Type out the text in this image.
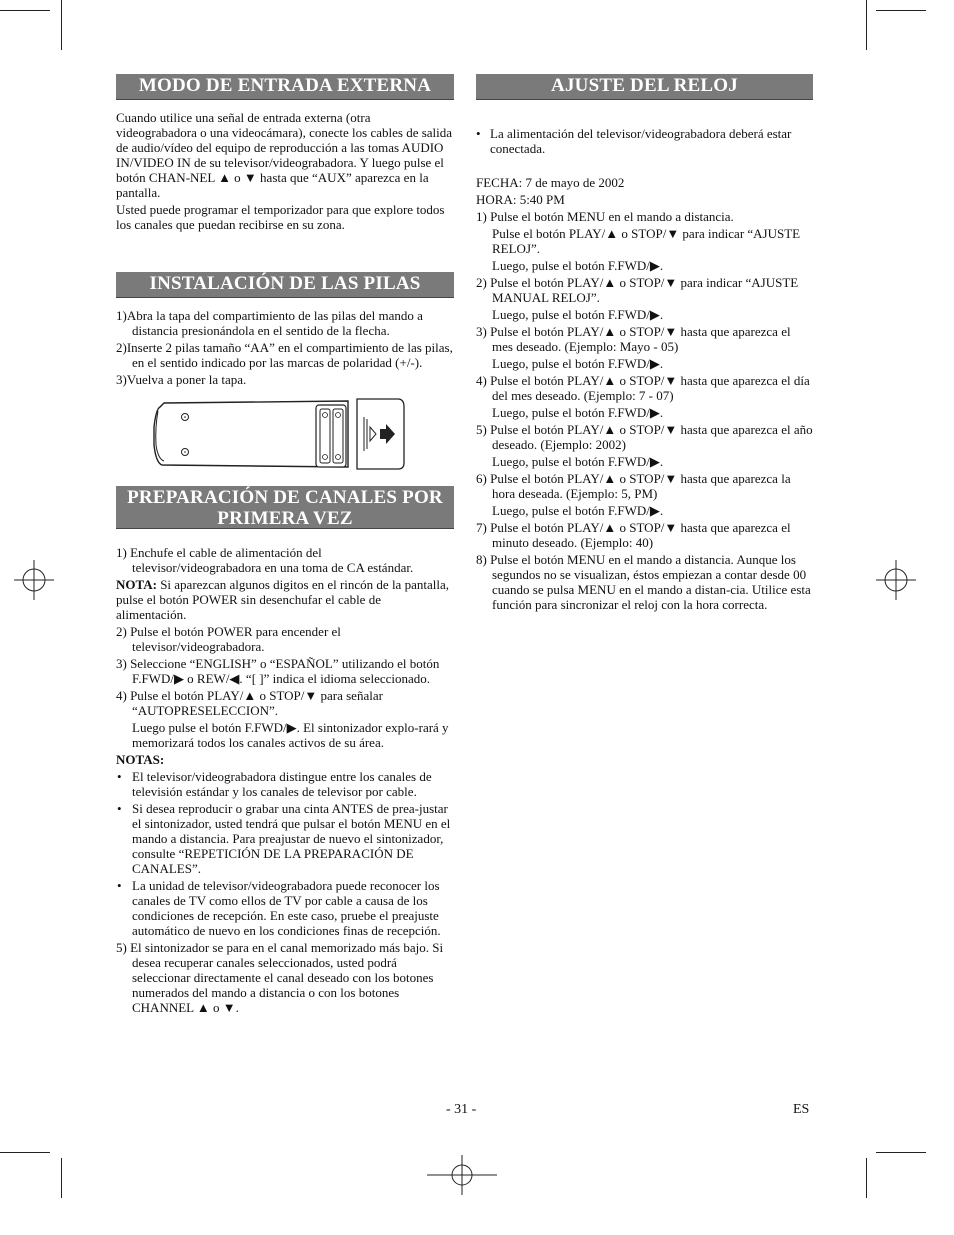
MODO DE ENTRADA EXTERNA

Cuando utilice una señal de entrada externa (otra videograbadora o una videocámara), conecte los cables de salida de audio/vídeo del equipo de reproducción a las tomas AUDIO IN/VIDEO IN de su televisor/videograbadora. Y luego pulse el botón CHAN-NEL ▲ o ▼ hasta que “AUX” aparezca en la pantalla.

Usted puede programar el temporizador para que explore todos los canales que puedan recibirse en su zona.

INSTALACIÓN DE LAS PILAS

1)Abra la tapa del compartimiento de las pilas del mando a distancia presionándola en el sentido de la flecha.

2)Inserte 2 pilas tamaño “AA” en el compartimiento de las pilas, en el sentido indicado por las marcas de polaridad (+/-).

3)Vuelva a poner la tapa.

PREPARACIÓN DE CANALES POR
PRIMERA VEZ

1) Enchufe el cable de alimentación del televisor/videograbadora en una toma de CA estándar.

NOTA: Si aparezcan algunos digitos en el rincón de la pantalla, pulse el botón POWER sin desenchufar el cable de alimentación.

2) Pulse el botón POWER para encender el televisor/videograbadora.

3) Seleccione “ENGLISH” o “ESPAÑOL” utilizando el botón F.FWD/▶ o REW/◀. “[ ]” indica el idioma seleccionado.

4) Pulse el botón PLAY/▲ o STOP/▼ para señalar “AUTOPRESELECCION”.

Luego pulse el botón F.FWD/▶. El sintonizador explo-rará y memorizará todos los canales activos de su área.

NOTAS:

• El televisor/videograbadora distingue entre los canales de televisión estándar y los canales de televisor por cable.

• Si desea reproducir o grabar una cinta ANTES de prea-justar el sintonizador, usted tendrá que pulsar el botón MENU en el mando a distancia. Para preajustar de nuevo el sintonizador, consulte “REPETICIÓN DE LA PREPARACIÓN DE CANALES”.

• La unidad de televisor/videograbadora puede reconocer los canales de TV como ellos de TV por cable a causa de los condiciones de recepción. En este caso, pruebe el preajuste automático de nuevo en los condiciones finas de recepción.

5) El sintonizador se para en el canal memorizado más bajo. Si desea recuperar canales seleccionados, usted podrá seleccionar directamente el canal deseado con los botones numerados del mando a distancia o con los botones CHANNEL ▲ o ▼.

AJUSTE DEL RELOJ

• La alimentación del televisor/videograbadora deberá estar conectada.

FECHA: 7 de mayo de 2002

HORA: 5:40 PM

1) Pulse el botón MENU en el mando a distancia.

Pulse el botón PLAY/▲ o STOP/▼ para indicar “AJUSTE RELOJ”.

Luego, pulse el botón F.FWD/▶.

2) Pulse el botón PLAY/▲ o STOP/▼ para indicar “AJUSTE MANUAL RELOJ”.

Luego, pulse el botón F.FWD/▶.

3) Pulse el botón PLAY/▲ o STOP/▼ hasta que aparezca el mes deseado. (Ejemplo: Mayo - 05)

Luego, pulse el botón F.FWD/▶.

4) Pulse el botón PLAY/▲ o STOP/▼ hasta que aparezca el día del mes deseado. (Ejemplo: 7 - 07)

Luego, pulse el botón F.FWD/▶.

5) Pulse el botón PLAY/▲ o STOP/▼ hasta que aparezca el año deseado. (Ejemplo: 2002)

Luego, pulse el botón F.FWD/▶.

6) Pulse el botón PLAY/▲ o STOP/▼ hasta que aparezca la hora deseada. (Ejemplo: 5, PM)

Luego, pulse el botón F.FWD/▶.

7) Pulse el botón PLAY/▲ o STOP/▼ hasta que aparezca el minuto deseado. (Ejemplo: 40)

8) Pulse el botón MENU en el mando a distancia. Aunque los segundos no se visualizan, éstos empiezan a contar desde 00 cuando se pulsa MENU en el mando a distan-cia. Utilice esta función para sincronizar el reloj con la hora correcta.

- 31 -	ES
